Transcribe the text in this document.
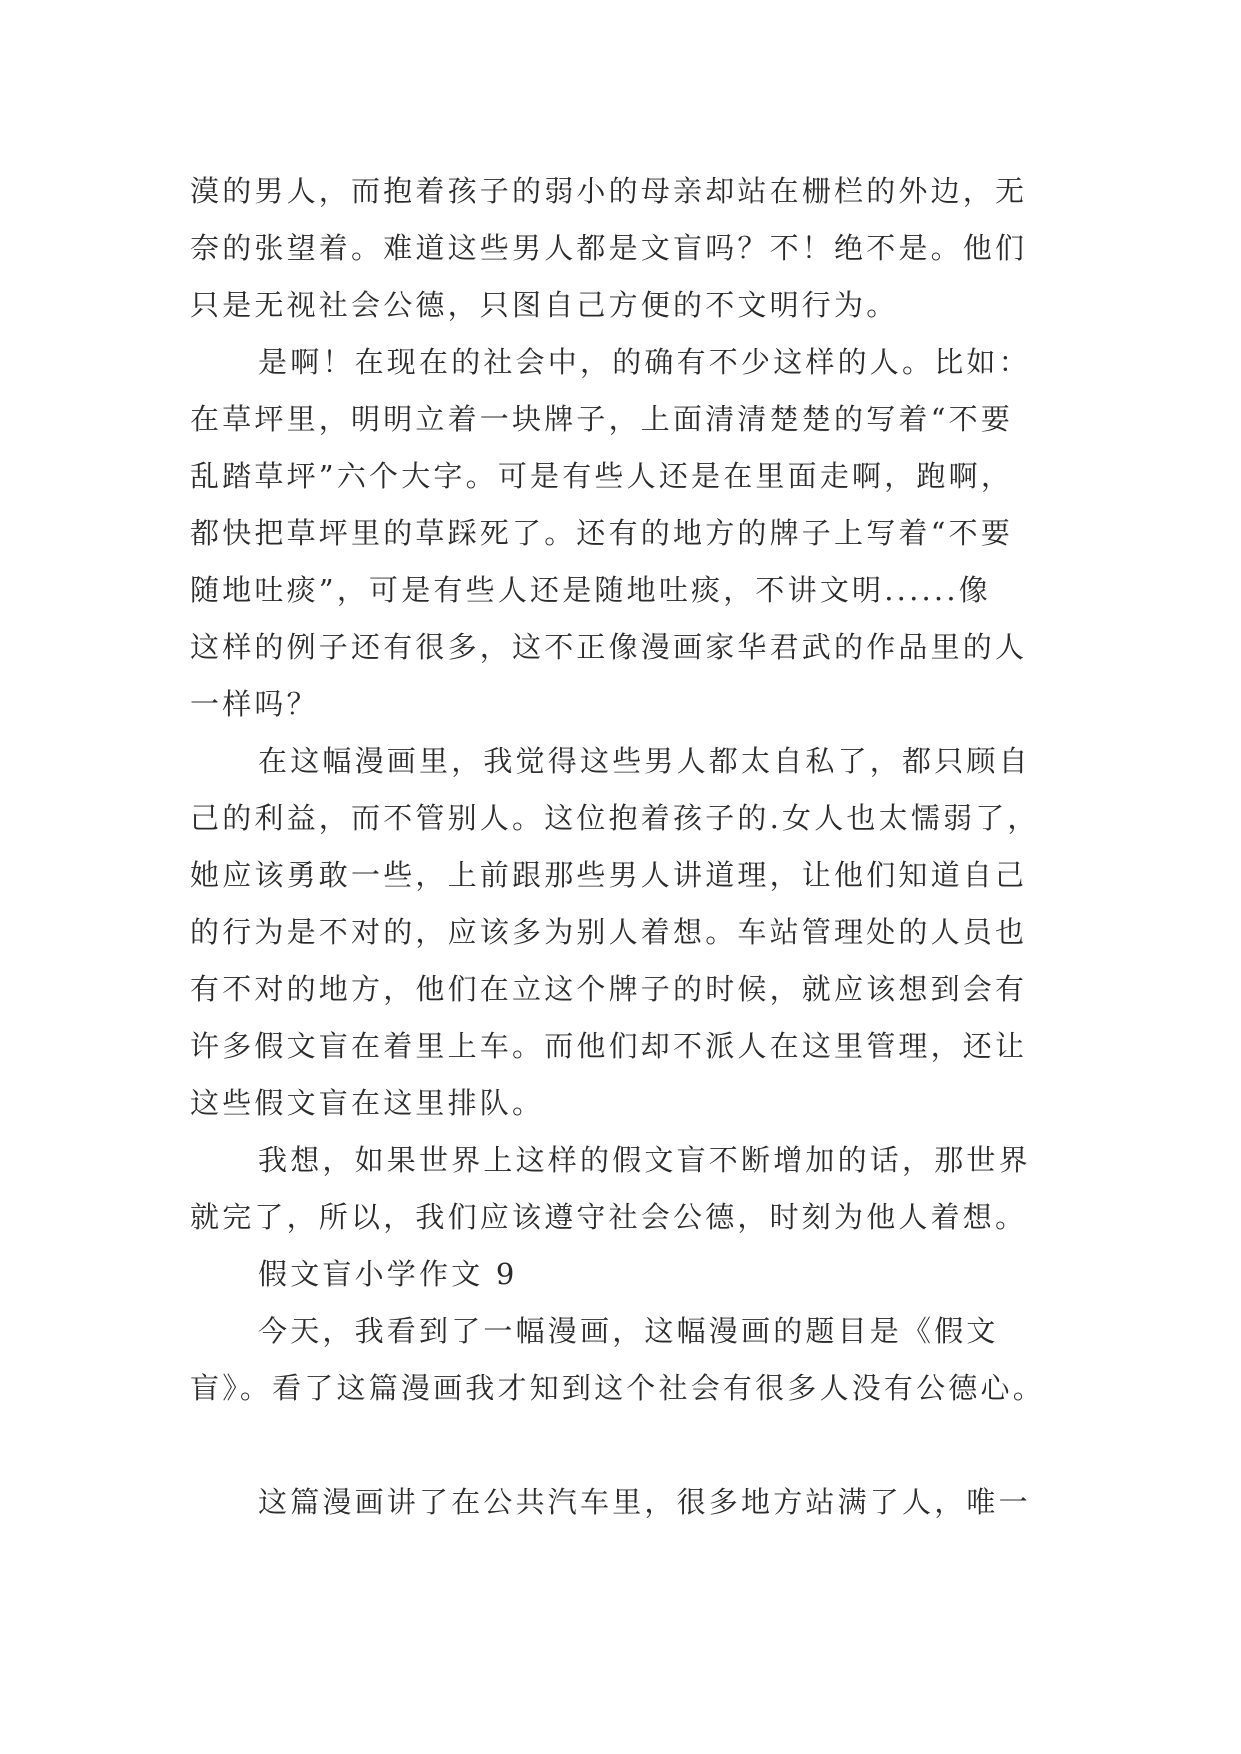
漠的男人，而抱着孩子的弱小的母亲却站在栅栏的外边，无
奈的张望着。难道这些男人都是文盲吗？不！绝不是。他们
只是无视社会公德，只图自己方便的不文明行为。
是啊！在现在的社会中，的确有不少这样的人。比如：
在草坪里，明明立着一块牌子，上面清清楚楚的写着“不要
乱踏草坪”六个大字。可是有些人还是在里面走啊，跑啊，
都快把草坪里的草踩死了。还有的地方的牌子上写着“不要
随地吐痰”，可是有些人还是随地吐痰，不讲文明......像
这样的例子还有很多，这不正像漫画家华君武的作品里的人
一样吗？
在这幅漫画里，我觉得这些男人都太自私了，都只顾自
己的利益，而不管别人。这位抱着孩子的.女人也太懦弱了，
她应该勇敢一些，上前跟那些男人讲道理，让他们知道自己
的行为是不对的，应该多为别人着想。车站管理处的人员也
有不对的地方，他们在立这个牌子的时候，就应该想到会有
许多假文盲在着里上车。而他们却不派人在这里管理，还让
这些假文盲在这里排队。
我想，如果世界上这样的假文盲不断增加的话，那世界
就完了，所以，我们应该遵守社会公德，时刻为他人着想。
假文盲小学作文 9
今天，我看到了一幅漫画，这幅漫画的题目是《假文
盲》。看了这篇漫画我才知到这个社会有很多人没有公德心。
这篇漫画讲了在公共汽车里，很多地方站满了人，唯一
